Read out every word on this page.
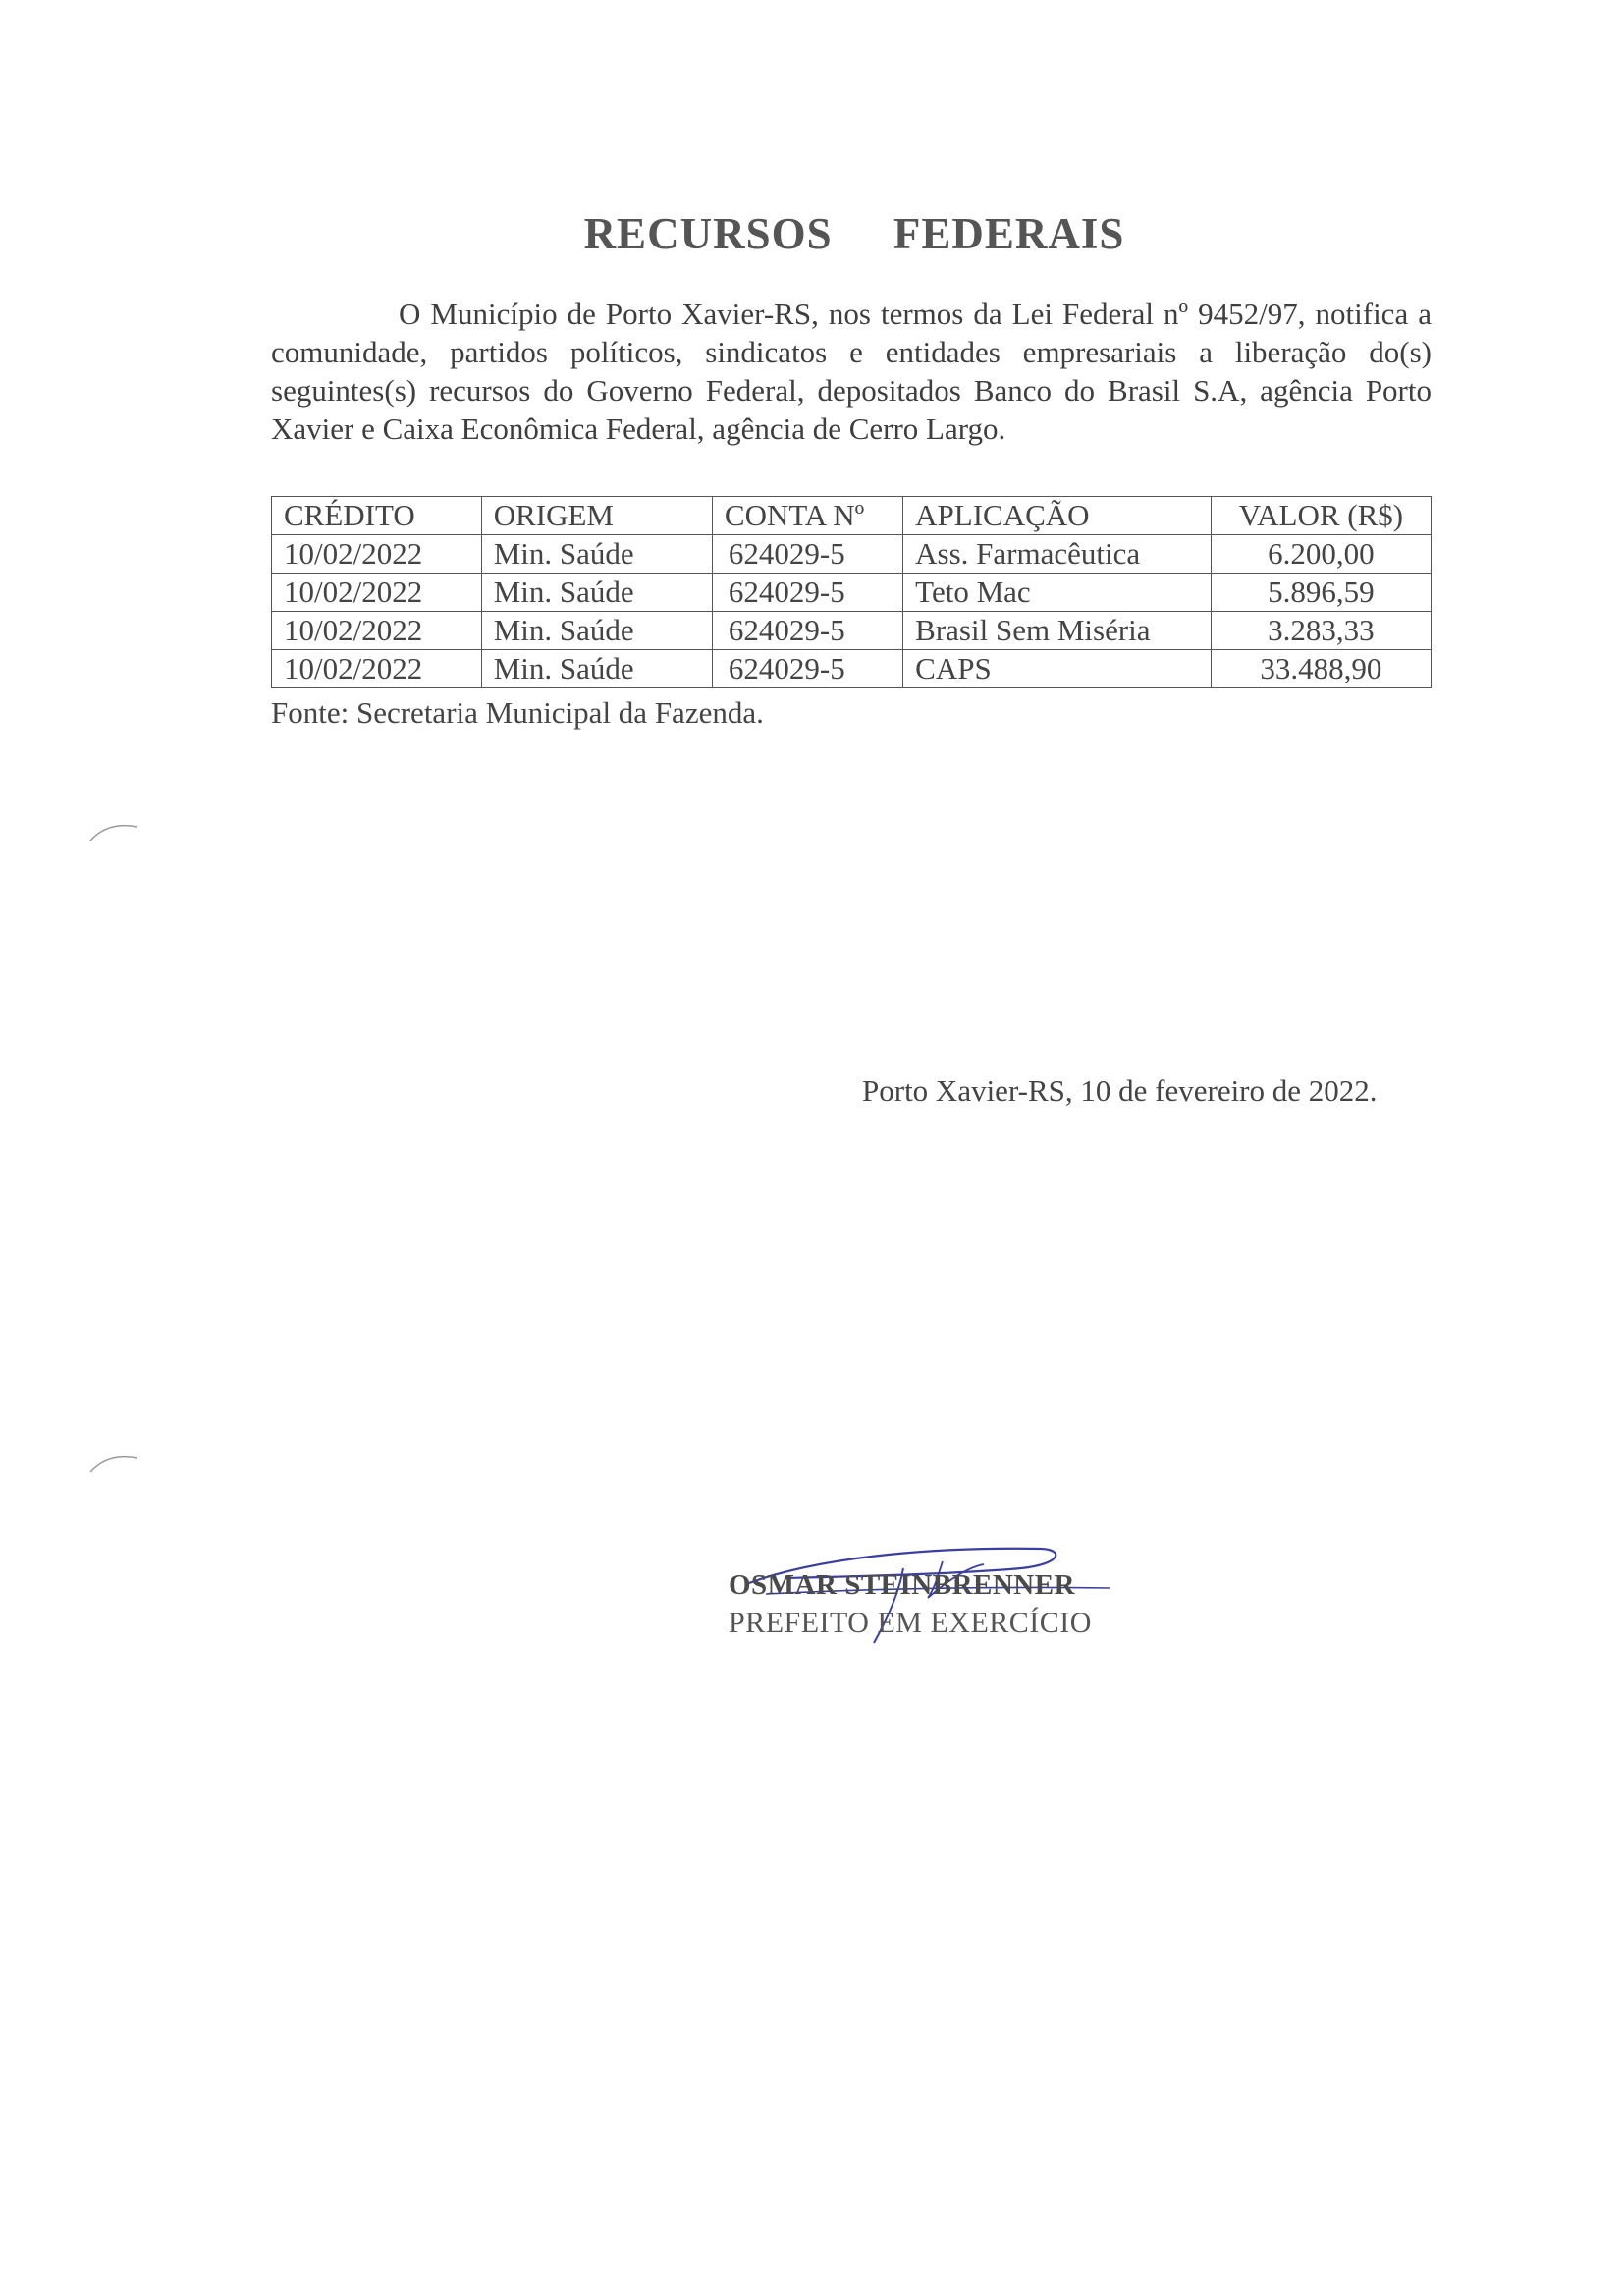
RECURSOS FEDERAIS
O Município de Porto Xavier-RS, nos termos da Lei Federal nº 9452/97, notifica a comunidade, partidos políticos, sindicatos e entidades empresariais a liberação do(s) seguintes(s) recursos do Governo Federal, depositados Banco do Brasil S.A, agência Porto Xavier e Caixa Econômica Federal, agência de Cerro Largo.
CRÉDITO	ORIGEM	CONTA Nº	APLICAÇÃO	VALOR (R$)
10/02/2022	Min. Saúde	624029-5	Ass. Farmacêutica	6.200,00
10/02/2022	Min. Saúde	624029-5	Teto Mac	5.896,59
10/02/2022	Min. Saúde	624029-5	Brasil Sem Miséria	3.283,33
10/02/2022	Min. Saúde	624029-5	CAPS	33.488,90
Fonte: Secretaria Municipal da Fazenda.
Porto Xavier-RS, 10 de fevereiro de 2022.
OSMAR STEINBRENNER
PREFEITO EM EXERCÍCIO
